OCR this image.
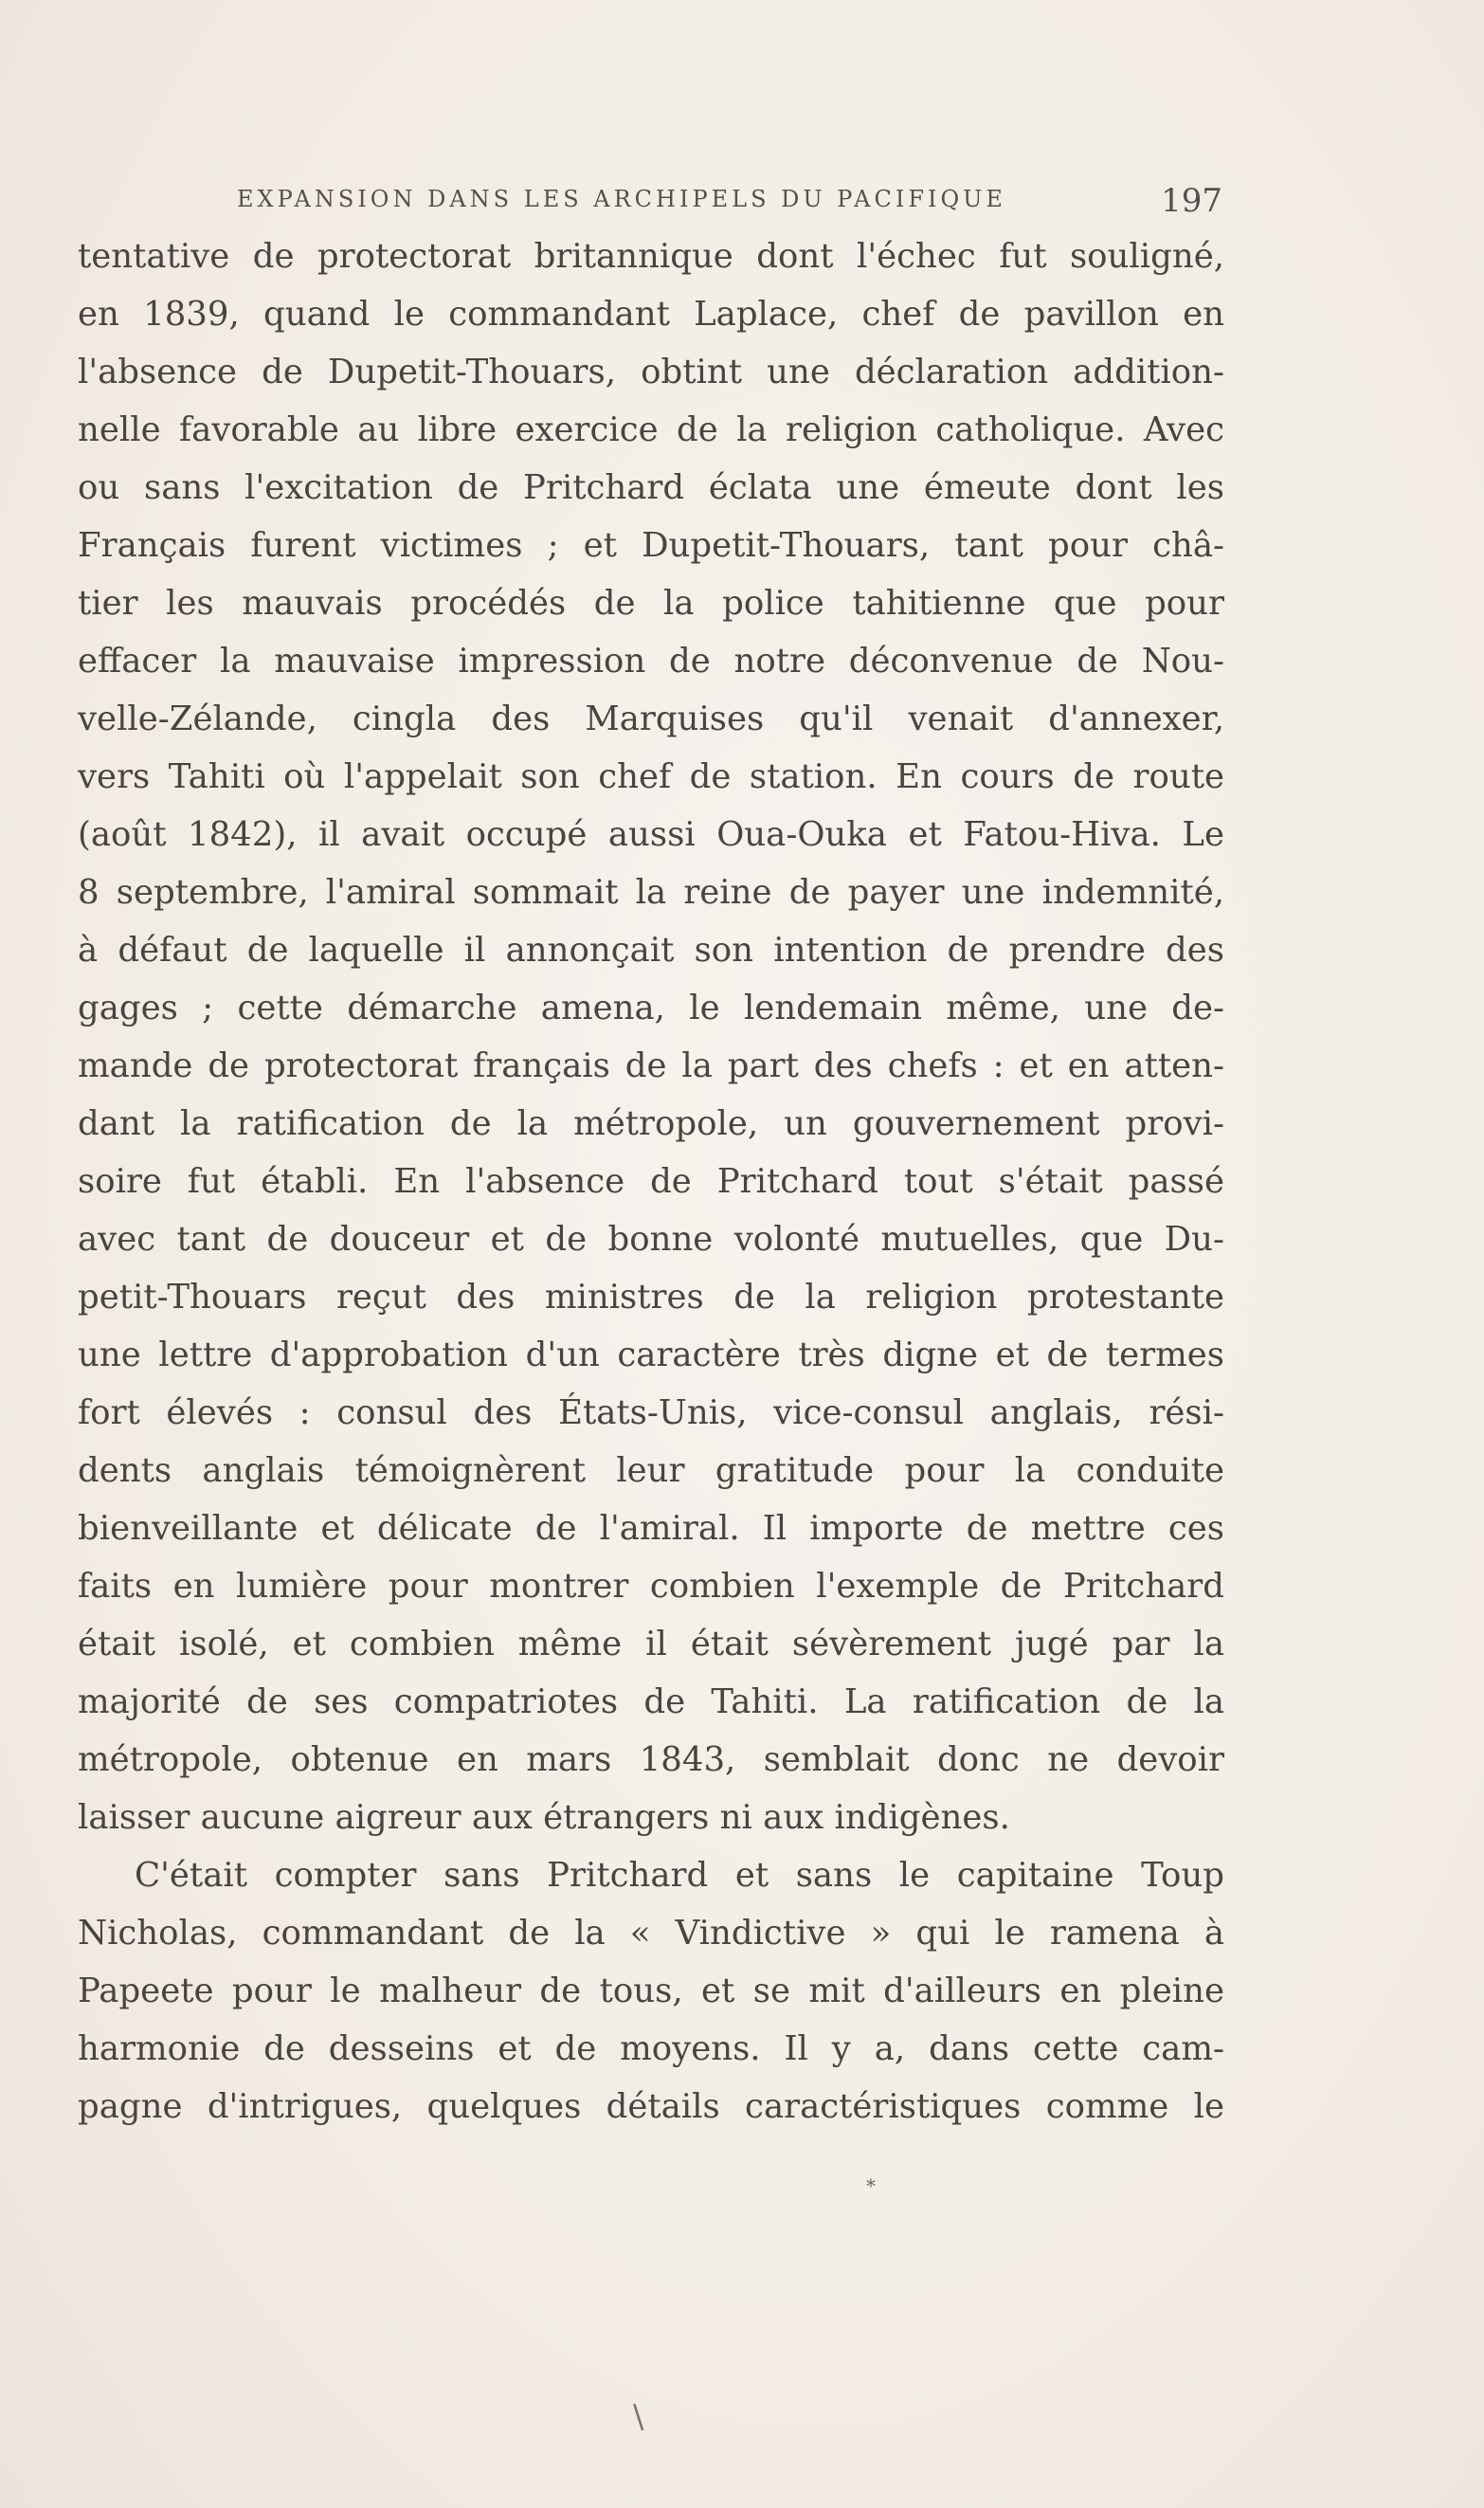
EXPANSION DANS LES ARCHIPELS DU PACIFIQUE	197
tentative de protectorat britannique dont l'échec fut souligné,
en 1839, quand le commandant Laplace, chef de pavillon en
l'absence de Dupetit-Thouars, obtint une déclaration addition-
nelle favorable au libre exercice de la religion catholique. Avec
ou sans l'excitation de Pritchard éclata une émeute dont les
Français furent victimes ; et Dupetit-Thouars, tant pour châ-
tier les mauvais procédés de la police tahitienne que pour
effacer la mauvaise impression de notre déconvenue de Nou-
velle-Zélande, cingla des Marquises qu'il venait d'annexer,
vers Tahiti où l'appelait son chef de station. En cours de route
(août 1842), il avait occupé aussi Oua-Ouka et Fatou-Hiva. Le
8 septembre, l'amiral sommait la reine de payer une indemnité,
à défaut de laquelle il annonçait son intention de prendre des
gages ; cette démarche amena, le lendemain même, une de-
mande de protectorat français de la part des chefs : et en atten-
dant la ratification de la métropole, un gouvernement provi-
soire fut établi. En l'absence de Pritchard tout s'était passé
avec tant de douceur et de bonne volonté mutuelles, que Du-
petit-Thouars reçut des ministres de la religion protestante
une lettre d'approbation d'un caractère très digne et de termes
fort élevés : consul des États-Unis, vice-consul anglais, rési-
dents anglais témoignèrent leur gratitude pour la conduite
bienveillante et délicate de l'amiral. Il importe de mettre ces
faits en lumière pour montrer combien l'exemple de Pritchard
était isolé, et combien même il était sévèrement jugé par la
majorité de ses compatriotes de Tahiti. La ratification de la
métropole, obtenue en mars 1843, semblait donc ne devoir
laisser aucune aigreur aux étrangers ni aux indigènes.
C'était compter sans Pritchard et sans le capitaine Toup
Nicholas, commandant de la « Vindictive » qui le ramena à
Papeete pour le malheur de tous, et se mit d'ailleurs en pleine
harmonie de desseins et de moyens. Il y a, dans cette cam-
pagne d'intrigues, quelques détails caractéristiques comme le
*
\
